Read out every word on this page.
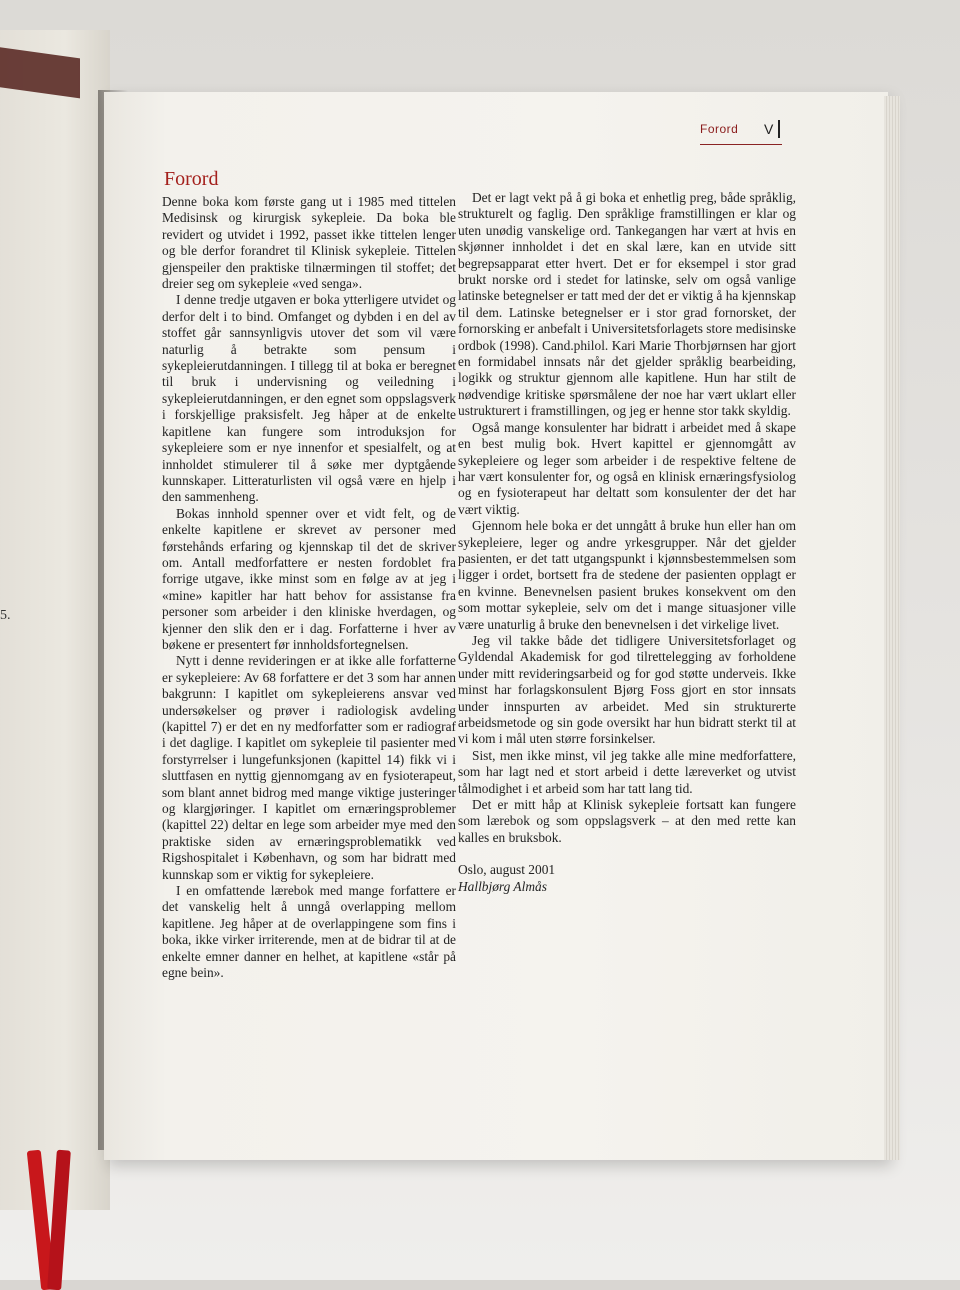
5.
Forord V
Forord

Denne boka kom første gang ut i 1985 med tittelen Medisinsk og kirurgisk sykepleie. Da boka ble revidert og utvidet i 1992, passet ikke tittelen lenger og ble derfor forandret til Klinisk sykepleie. Tittelen gjenspeiler den praktiske tilnærmingen til stoffet; det dreier seg om sykepleie «ved senga».

I denne tredje utgaven er boka ytterligere utvidet og derfor delt i to bind. Omfanget og dybden i en del av stoffet går sannsynligvis utover det som vil være naturlig å betrakte som pensum i sykepleierutdanningen. I tillegg til at boka er beregnet til bruk i undervisning og veiledning i sykepleierutdanningen, er den egnet som oppslagsverk i forskjellige praksisfelt. Jeg håper at de enkelte kapitlene kan fungere som introduksjon for sykepleiere som er nye innenfor et spesialfelt, og at innholdet stimulerer til å søke mer dyptgående kunnskaper. Litteraturlisten vil også være en hjelp i den sammenheng.

Bokas innhold spenner over et vidt felt, og de enkelte kapitlene er skrevet av personer med førstehånds erfaring og kjennskap til det de skriver om. Antall medforfattere er nesten fordoblet fra forrige utgave, ikke minst som en følge av at jeg i «mine» kapitler har hatt behov for assistanse fra personer som arbeider i den kliniske hverdagen, og kjenner den slik den er i dag. Forfatterne i hver av bøkene er presentert før innholdsfortegnelsen.

Nytt i denne revideringen er at ikke alle forfatterne er sykepleiere: Av 68 forfattere er det 3 som har annen bakgrunn: I kapitlet om sykepleierens ansvar ved undersøkelser og prøver i radiologisk avdeling (kapittel 7) er det en ny medforfatter som er radiograf i det daglige. I kapitlet om sykepleie til pasienter med forstyrrelser i lungefunksjonen (kapittel 14) fikk vi i sluttfasen en nyttig gjennomgang av en fysioterapeut, som blant annet bidrog med mange viktige justeringer og klargjøringer. I kapitlet om ernæringsproblemer (kapittel 22) deltar en lege som arbeider mye med den praktiske siden av ernæringsproblematikk ved Rigshospitalet i København, og som har bidratt med kunnskap som er viktig for sykepleiere.

I en omfattende lærebok med mange forfattere er det vanskelig helt å unngå overlapping mellom kapitlene. Jeg håper at de overlappingene som fins i boka, ikke virker irriterende, men at de bidrar til at de enkelte emner danner en helhet, at kapitlene «står på egne bein».

Det er lagt vekt på å gi boka et enhetlig preg, både språklig, strukturelt og faglig. Den språklige framstillingen er klar og uten unødig vanskelige ord. Tankegangen har vært at hvis en skjønner innholdet i det en skal lære, kan en utvide sitt begrepsapparat etter hvert. Det er for eksempel i stor grad brukt norske ord i stedet for latinske, selv om også vanlige latinske betegnelser er tatt med der det er viktig å ha kjennskap til dem. Latinske betegnelser er i stor grad fornorsket, der fornorsking er anbefalt i Universitetsforlagets store medisinske ordbok (1998). Cand.philol. Kari Marie Thorbjørnsen har gjort en formidabel innsats når det gjelder språklig bearbeiding, logikk og struktur gjennom alle kapitlene. Hun har stilt de nødvendige kritiske spørsmålene der noe har vært uklart eller ustrukturert i framstillingen, og jeg er henne stor takk skyldig.

Også mange konsulenter har bidratt i arbeidet med å skape en best mulig bok. Hvert kapittel er gjennomgått av sykepleiere og leger som arbeider i de respektive feltene de har vært konsulenter for, og også en klinisk ernæringsfysiolog og en fysioterapeut har deltatt som konsulenter der det har vært viktig.

Gjennom hele boka er det unngått å bruke hun eller han om sykepleiere, leger og andre yrkesgrupper. Når det gjelder pasienten, er det tatt utgangspunkt i kjønnsbestemmelsen som ligger i ordet, bortsett fra de stedene der pasienten opplagt er en kvinne. Benevnelsen pasient brukes konsekvent om den som mottar sykepleie, selv om det i mange situasjoner ville være unaturlig å bruke den benevnelsen i det virkelige livet.

Jeg vil takke både det tidligere Universitetsforlaget og Gyldendal Akademisk for god tilrettelegging av forholdene under mitt revideringsarbeid og for god støtte underveis. Ikke minst har forlagskonsulent Bjørg Foss gjort en stor innsats under innspurten av arbeidet. Med sin strukturerte arbeidsmetode og sin gode oversikt har hun bidratt sterkt til at vi kom i mål uten større forsinkelser.

Sist, men ikke minst, vil jeg takke alle mine medforfattere, som har lagt ned et stort arbeid i dette læreverket og utvist tålmodighet i et arbeid som har tatt lang tid.

Det er mitt håp at Klinisk sykepleie fortsatt kan fungere som lærebok og som oppslagsverk – at den med rette kan kalles en bruksbok.

Oslo, august 2001

Hallbjørg Almås
